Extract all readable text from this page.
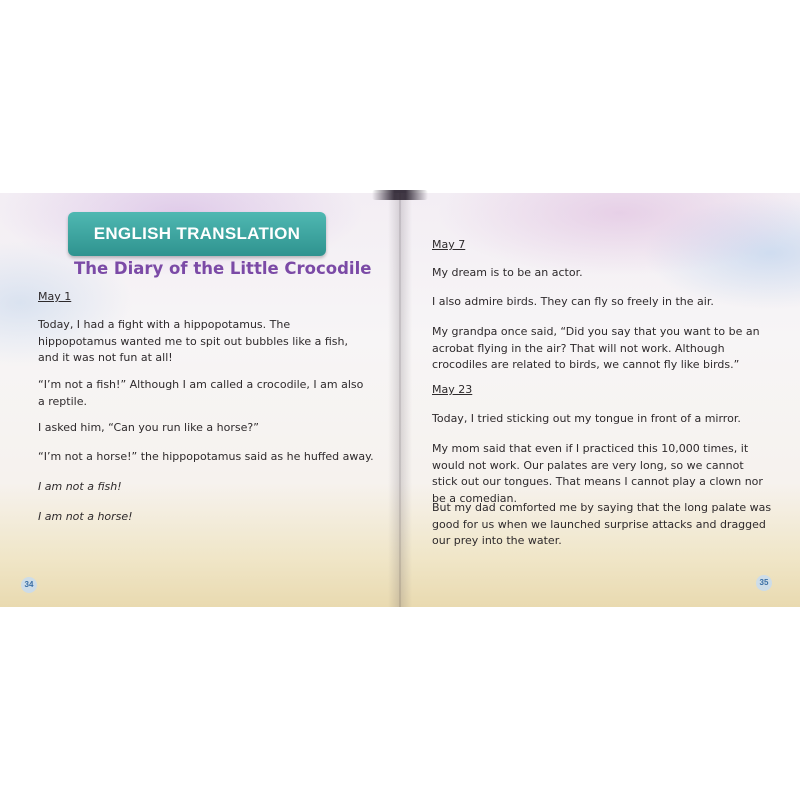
ENGLISH TRANSLATION
The Diary of the Little Crocodile
May 1
Today, I had a fight with a hippopotamus. The hippopotamus wanted me to spit out bubbles like a fish, and it was not fun at all!
“I’m not a fish!” Although I am called a crocodile, I am also a reptile.
I asked him, “Can you run like a horse?”
“I’m not a horse!” the hippopotamus said as he huffed away.
I am not a fish!
I am not a horse!
34
May 7
My dream is to be an actor.
I also admire birds. They can fly so freely in the air.
My grandpa once said, “Did you say that you want to be an acrobat flying in the air? That will not work. Although crocodiles are related to birds, we cannot fly like birds.”
May 23
Today, I tried sticking out my tongue in front of a mirror.
My mom said that even if I practiced this 10,000 times, it would not work. Our palates are very long, so we cannot stick out our tongues. That means I cannot play a clown nor be a comedian.
But my dad comforted me by saying that the long palate was good for us when we launched surprise attacks and dragged our prey into the water.
35
